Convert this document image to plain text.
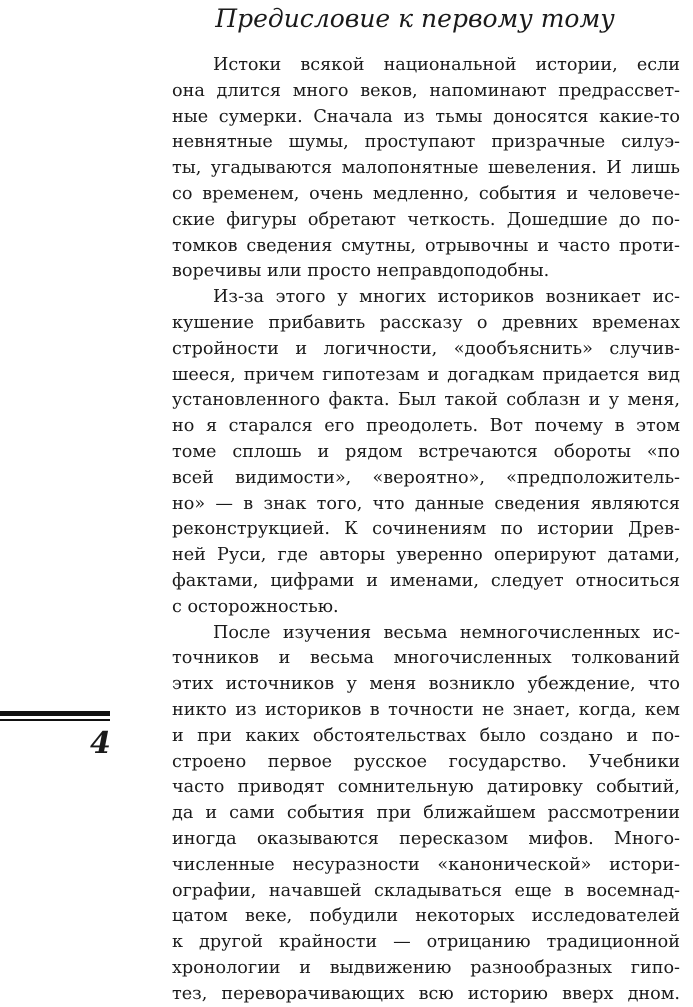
Предисловие к первому тому

Истоки всякой национальной истории, если
она длится много веков, напоминают предрассвет-
ные сумерки. Сначала из тьмы доносятся какие-то
невнятные шумы, проступают призрачные силуэ-
ты, угадываются малопонятные шевеления. И лишь
со временем, очень медленно, события и человече-
ские фигуры обретают четкость. Дошедшие до по-
томков сведения смутны, отрывочны и часто проти-
воречивы или просто неправдоподобны.

Из-за этого у многих историков возникает ис-
кушение прибавить рассказу о древних временах
стройности и логичности, «дообъяснить» случив-
шееся, причем гипотезам и догадкам придается вид
установленного факта. Был такой соблазн и у меня,
но я старался его преодолеть. Вот почему в этом
томе сплошь и рядом встречаются обороты «по
всей видимости», «вероятно», «предположитель-
но» — в знак того, что данные сведения являются
реконструкцией. К сочинениям по истории Древ-
ней Руси, где авторы уверенно оперируют датами,
фактами, цифрами и именами, следует относиться
с осторожностью.

После изучения весьма немногочисленных ис-
точников и весьма многочисленных толкований
этих источников у меня возникло убеждение, что
никто из историков в точности не знает, когда, кем
и при каких обстоятельствах было создано и по-
строено первое русское государство. Учебники
часто приводят сомнительную датировку событий,
да и сами события при ближайшем рассмотрении
иногда оказываются пересказом мифов. Много-
численные несуразности «канонической» истори-
ографии, начавшей складываться еще в восемнад-
цатом веке, побудили некоторых исследователей
к другой крайности — отрицанию традиционной
хронологии и выдвижению разнообразных гипо-
тез, переворачивающих всю историю вверх дном.

4
